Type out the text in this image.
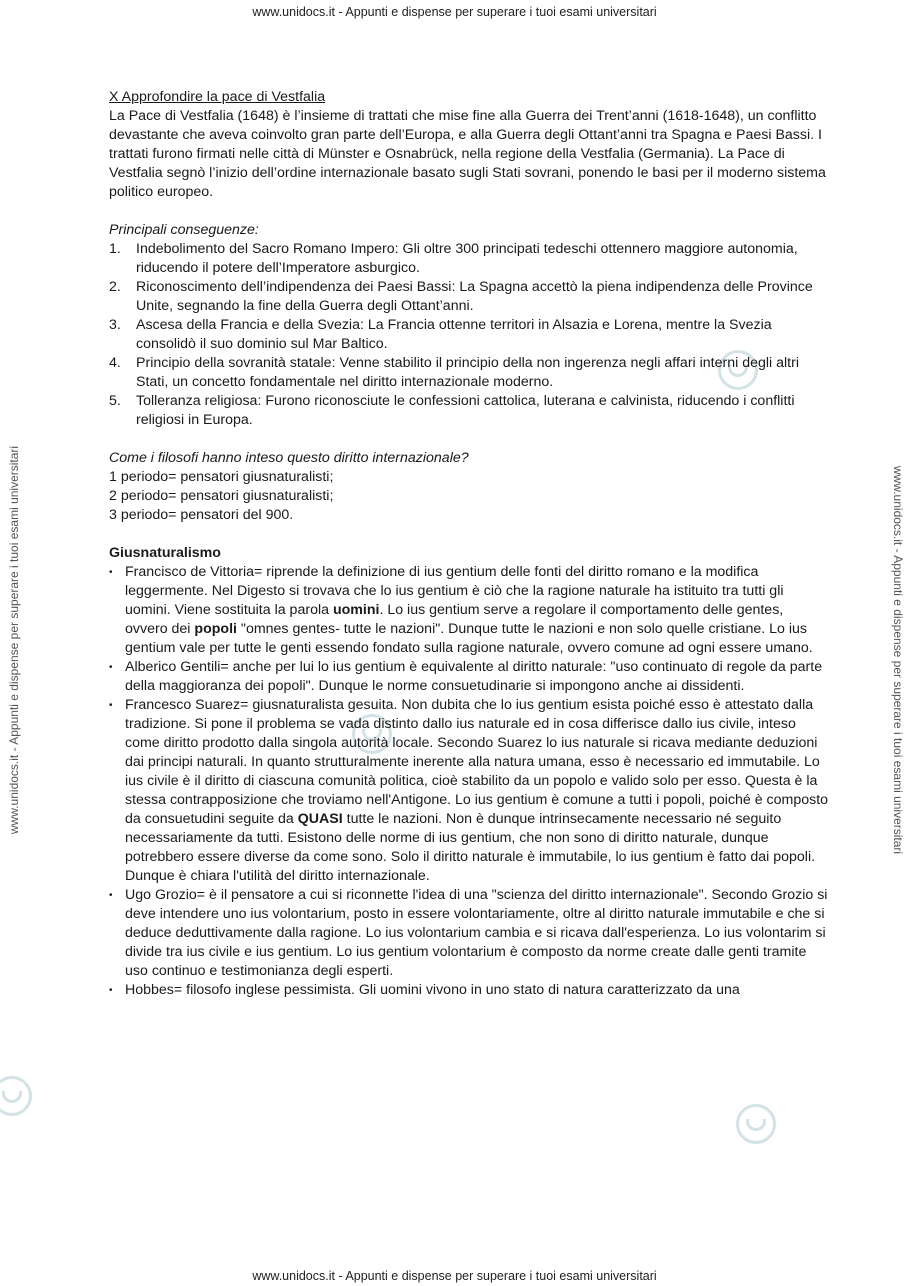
www.unidocs.it - Appunti e dispense per superare i tuoi esami universitari
www.unidocs.it - Appunti e dispense per superare i tuoi esami universitari
www.unidocs.it - Appunti e dispense per superare i tuoi esami universitari	www.unidocs.it - Appunti e dispense per superare i tuoi esami universitari

X Approfondire la pace di Vestfalia

La Pace di Vestfalia (1648) è l’insieme di trattati che mise fine alla Guerra dei Trent’anni (1618-1648), un conflitto devastante che aveva coinvolto gran parte dell’Europa, e alla Guerra degli Ottant’anni tra Spagna e Paesi Bassi. I trattati furono firmati nelle città di Münster e Osnabrück, nella regione della Vestfalia (Germania). La Pace di Vestfalia segnò l’inizio dell’ordine internazionale basato sugli Stati sovrani, ponendo le basi per il moderno sistema politico europeo.

Principali conseguenze:

1. Indebolimento del Sacro Romano Impero: Gli oltre 300 principati tedeschi ottennero maggiore autonomia, riducendo il potere dell’Imperatore asburgico.
2. Riconoscimento dell’indipendenza dei Paesi Bassi: La Spagna accettò la piena indipendenza delle Province Unite, segnando la fine della Guerra degli Ottant’anni.
3. Ascesa della Francia e della Svezia: La Francia ottenne territori in Alsazia e Lorena, mentre la Svezia consolidò il suo dominio sul Mar Baltico.
4. Principio della sovranità statale: Venne stabilito il principio della non ingerenza negli affari interni degli altri Stati, un concetto fondamentale nel diritto internazionale moderno.
5. Tolleranza religiosa: Furono riconosciute le confessioni cattolica, luterana e calvinista, riducendo i conflitti religiosi in Europa.

Come i filosofi hanno inteso questo diritto internazionale?

1 periodo= pensatori giusnaturalisti;

2 periodo= pensatori giusnaturalisti;

3 periodo= pensatori del 900.

Giusnaturalismo

• Francisco de Vittoria= riprende la definizione di ius gentium delle fonti del diritto romano e la modifica leggermente. Nel Digesto si trovava che lo ius gentium è ciò che la ragione naturale ha istituito tra tutti gli uomini. Viene sostituita la parola uomini. Lo ius gentium serve a regolare il comportamento delle gentes, ovvero dei popoli "omnes gentes- tutte le nazioni". Dunque tutte le nazioni e non solo quelle cristiane. Lo ius gentium vale per tutte le genti essendo fondato sulla ragione naturale, ovvero comune ad ogni essere umano.
• Alberico Gentili= anche per lui lo ius gentium è equivalente al diritto naturale: "uso continuato di regole da parte della maggioranza dei popoli". Dunque le norme consuetudinarie si impongono anche ai dissidenti.
• Francesco Suarez= giusnaturalista gesuita. Non dubita che lo ius gentium esista poiché esso è attestato dalla tradizione. Si pone il problema se vada distinto dallo ius naturale ed in cosa differisce dallo ius civile, inteso come diritto prodotto dalla singola autorità locale. Secondo Suarez lo ius naturale si ricava mediante deduzioni dai principi naturali. In quanto strutturalmente inerente alla natura umana, esso è necessario ed immutabile. Lo ius civile è il diritto di ciascuna comunità politica, cioè stabilito da un popolo e valido solo per esso. Questa è la stessa contrapposizione che troviamo nell'Antigone. Lo ius gentium è comune a tutti i popoli, poiché è composto da consuetudini seguite da QUASI tutte le nazioni. Non è dunque intrinsecamente necessario né seguito necessariamente da tutti. Esistono delle norme di ius gentium, che non sono di diritto naturale, dunque potrebbero essere diverse da come sono. Solo il diritto naturale è immutabile, lo ius gentium è fatto dai popoli. Dunque è chiara l'utilità del diritto internazionale.
• Ugo Grozio= è il pensatore a cui si riconnette l'idea di una "scienza del diritto internazionale". Secondo Grozio si deve intendere uno ius volontarium, posto in essere volontariamente, oltre al diritto naturale immutabile e che si deduce deduttivamente dalla ragione. Lo ius volontarium cambia e si ricava dall'esperienza. Lo ius volontarim si divide tra ius civile e ius gentium. Lo ius gentium volontarium è composto da norme create dalle genti tramite uso continuo e testimonianza degli esperti.
• Hobbes= filosofo inglese pessimista. Gli uomini vivono in uno stato di natura caratterizzato da una
